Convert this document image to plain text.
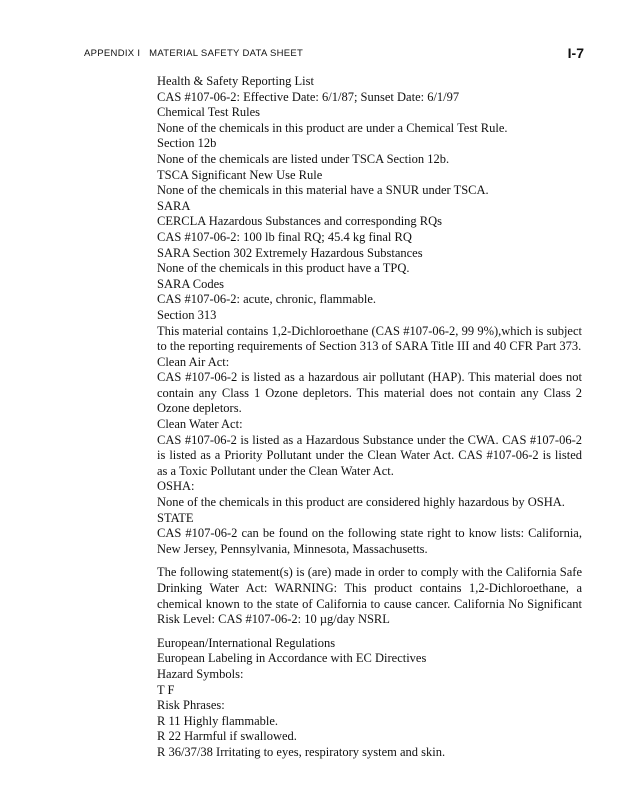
APPENDIX I   MATERIAL SAFETY DATA SHEET	I-7

Health & Safety Reporting List

CAS #107-06-2: Effective Date: 6/1/87; Sunset Date: 6/1/97

Chemical Test Rules

None of the chemicals in this product are under a Chemical Test Rule.

Section 12b

None of the chemicals are listed under TSCA Section 12b.

TSCA Significant New Use Rule

None of the chemicals in this material have a SNUR under TSCA.

SARA

CERCLA Hazardous Substances and corresponding RQs

CAS #107-06-2: 100 lb final RQ; 45.4 kg final RQ

SARA Section 302 Extremely Hazardous Substances

None of the chemicals in this product have a TPQ.

SARA Codes

CAS #107-06-2: acute, chronic, flammable.

Section 313

This material contains 1,2-Dichloroethane (CAS #107-06-2, 99 9%),which is subject to the reporting requirements of Section 313 of SARA Title III and 40 CFR Part 373.

Clean Air Act:

CAS #107-06-2 is listed as a hazardous air pollutant (HAP). This material does not contain any Class 1 Ozone depletors. This material does not contain any Class 2 Ozone depletors.

Clean Water Act:

CAS #107-06-2 is listed as a Hazardous Substance under the CWA. CAS #107-06-2 is listed as a Priority Pollutant under the Clean Water Act. CAS #107-06-2 is listed as a Toxic Pollutant under the Clean Water Act.

OSHA:

None of the chemicals in this product are considered highly hazardous by OSHA.

STATE

CAS #107-06-2 can be found on the following state right to know lists: California, New Jersey, Pennsylvania, Minnesota, Massachusetts.

The following statement(s) is (are) made in order to comply with the California Safe Drinking Water Act: WARNING: This product contains 1,2-Dichloroethane, a chemical known to the state of California to cause cancer. California No Significant Risk Level: CAS #107-06-2: 10 µg/day NSRL

European/International Regulations

European Labeling in Accordance with EC Directives

Hazard Symbols:

T F

Risk Phrases:

R 11 Highly flammable.

R 22 Harmful if swallowed.

R 36/37/38 Irritating to eyes, respiratory system and skin.
